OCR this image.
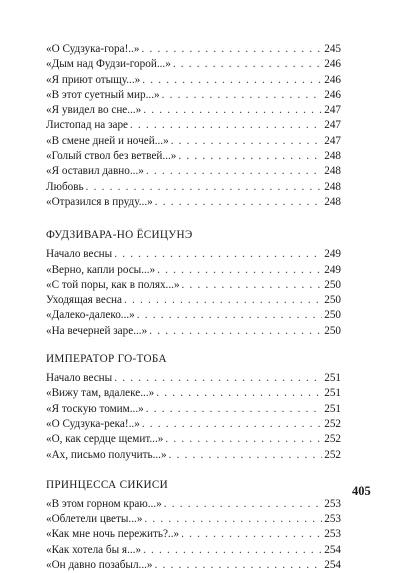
«О Судзука-гора!..» . . .	245
«Дым над Фудзи-горой...» . . .	246
«Я приют отыщу...» . . .	246
«В этот суетный мир...» . . .	246
«Я увидел во сне...» . . .	247
Листопад на заре . . .	247
«В смене дней и ночей...» . . .	247
«Голый ствол без ветвей...» . . .	248
«Я оставил давно...» . . .	248
Любовь . . .	248
«Отразился в пруду...» . . .	248
ФУДЗИВАРА-НО ЁСИЦУНЭ
Начало весны . . .	249
«Верно, капли росы...» . . .	249
«С той поры, как в полях...» . . .	250
Уходящая весна . . .	250
«Далеко-далеко...» . . .	250
«На вечерней заре...» . . .	250
ИМПЕРАТОР ГО-ТОБА
Начало весны . . .	251
«Вижу там, вдалеке...» . . .	251
«Я тоскую томим...» . . .	251
«О Судзука-река!..» . . .	252
«О, как сердце щемит...» . . .	252
«Ах, письмо получить...» . . .	252
ПРИНЦЕССА СИКИСИ
«В этом горном краю...» . . .	253
«Облетели цветы...» . . .	253
«Как мне ночь пережить?..» . . .	253
«Как хотела бы я...» . . .	254
«Он давно позабыл...» . . .	254
405
